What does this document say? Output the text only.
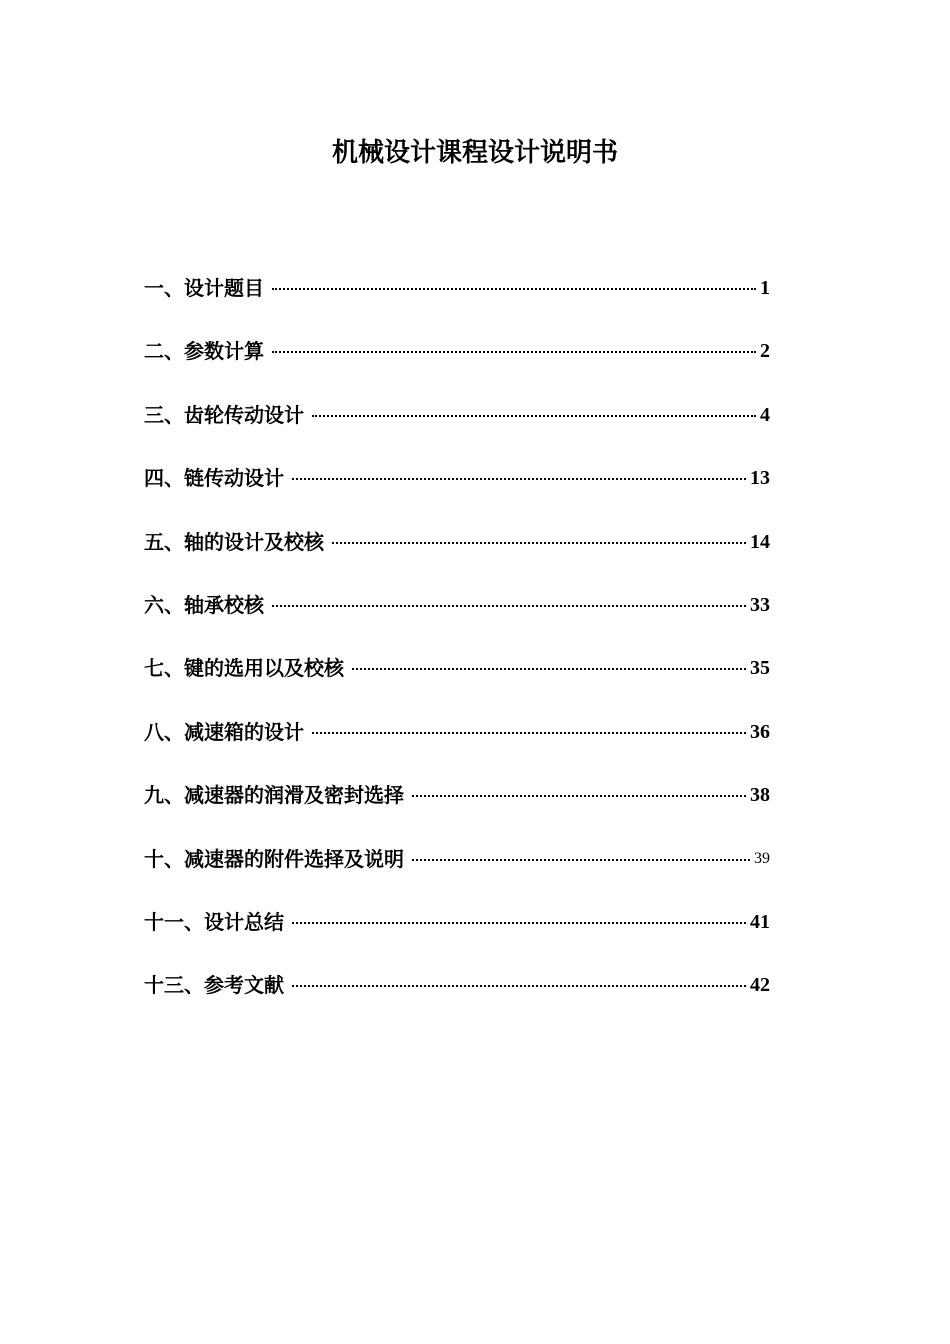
机械设计课程设计说明书
一、设计题目	1
二、参数计算	2
三、齿轮传动设计	4
四、链传动设计	13
五、轴的设计及校核	14
六、轴承校核	33
七、键的选用以及校核	35
八、减速箱的设计	36
九、减速器的润滑及密封选择	38
十、减速器的附件选择及说明	39
十一、设计总结	41
十三、参考文献	42
